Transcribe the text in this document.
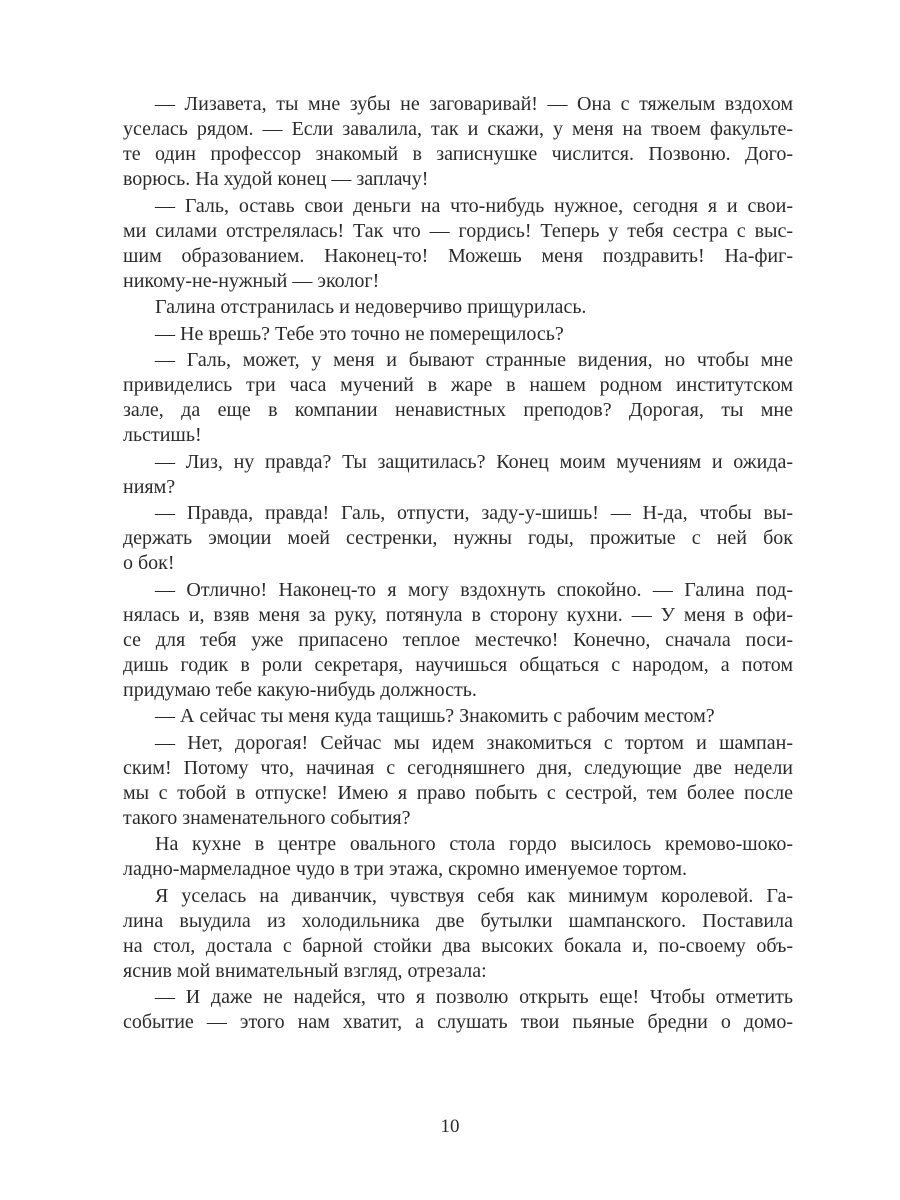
— Лизавета, ты мне зубы не заговаривай! — Она с тяжелым вздохом
уселась рядом. — Если завалила, так и скажи, у меня на твоем факульте-
те один профессор знакомый в записнушке числится. Позвоню. Дого-
ворюсь. На худой конец — заплачу!
— Галь, оставь свои деньги на что-нибудь нужное, сегодня я и свои-
ми силами отстрелялась! Так что — гордись! Теперь у тебя сестра с выс-
шим образованием. Наконец-то! Можешь меня поздравить! На-фиг-
никому-не-нужный — эколог!
Галина отстранилась и недоверчиво прищурилась.
— Не врешь? Тебе это точно не померещилось?
— Галь, может, у меня и бывают странные видения, но чтобы мне
привиделись три часа мучений в жаре в нашем родном институтском
зале, да еще в компании ненавистных преподов? Дорогая, ты мне
льстишь!
— Лиз, ну правда? Ты защитилась? Конец моим мучениям и ожида-
ниям?
— Правда, правда! Галь, отпусти, заду-у-шишь! — Н-да, чтобы вы-
держать эмоции моей сестренки, нужны годы, прожитые с ней бок
о бок!
— Отлично! Наконец-то я могу вздохнуть спокойно. — Галина под-
нялась и, взяв меня за руку, потянула в сторону кухни. — У меня в офи-
се для тебя уже припасено теплое местечко! Конечно, сначала поси-
дишь годик в роли секретаря, научишься общаться с народом, а потом
придумаю тебе какую-нибудь должность.
— А сейчас ты меня куда тащишь? Знакомить с рабочим местом?
— Нет, дорогая! Сейчас мы идем знакомиться с тортом и шампан-
ским! Потому что, начиная с сегодняшнего дня, следующие две недели
мы с тобой в отпуске! Имею я право побыть с сестрой, тем более после
такого знаменательного события?
На кухне в центре овального стола гордо высилось кремово-шоко-
ладно-мармеладное чудо в три этажа, скромно именуемое тортом.
Я уселась на диванчик, чувствуя себя как минимум королевой. Га-
лина выудила из холодильника две бутылки шампанского. Поставила
на стол, достала с барной стойки два высоких бокала и, по-своему объ-
яснив мой внимательный взгляд, отрезала:
— И даже не надейся, что я позволю открыть еще! Чтобы отметить
событие — этого нам хватит, а слушать твои пьяные бредни о домо-
10
